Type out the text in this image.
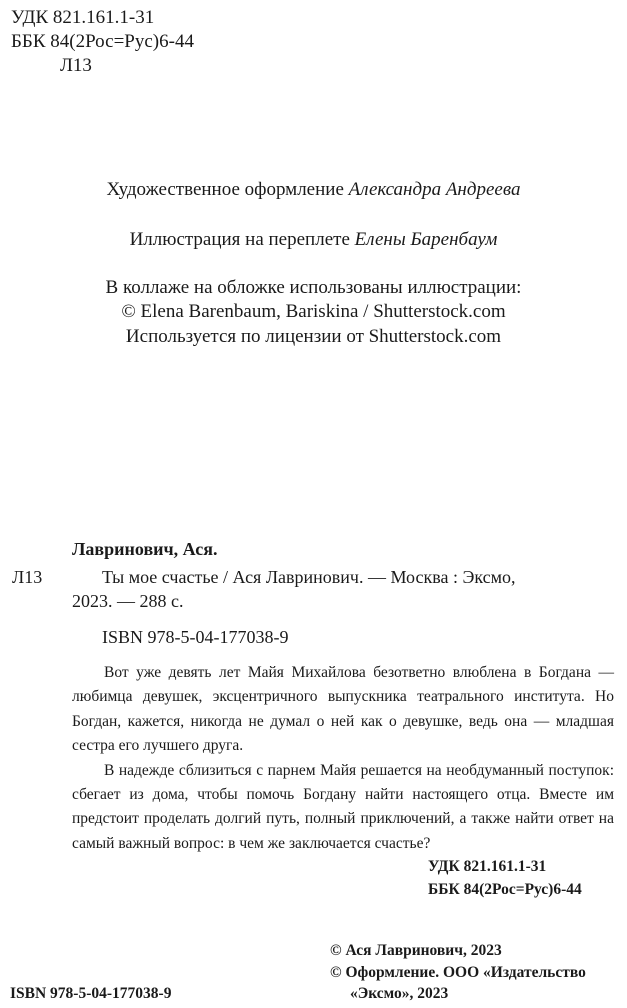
УДК 821.161.1-31
ББК 84(2Рос=Рус)6-44
Л13
Художественное оформление Александра Андреева
Иллюстрация на переплете Елены Баренбаум
В коллаже на обложке использованы иллюстрации:
© Elena Barenbaum, Bariskina / Shutterstock.com
Используется по лицензии от Shutterstock.com
Лавринович, Ася.
Л13	Ты мое счастье / Ася Лавринович. — Москва : Эксмо,
2023. — 288 с.
ISBN 978-5-04-177038-9

Вот уже девять лет Майя Михайлова безответно влюблена в Богдана — любимца девушек, эксцентричного выпускника театрального института. Но Богдан, кажется, никогда не думал о ней как о девушке, ведь она — младшая сестра его лучшего друга.

В надежде сблизиться с парнем Майя решается на необдуманный поступок: сбегает из дома, чтобы помочь Богдану найти настоящего отца. Вместе им предстоит проделать долгий путь, полный приключений, а также найти ответ на самый важный вопрос: в чем же заключается счастье?

УДК 821.161.1-31
ББК 84(2Рос=Рус)6-44
© Ася Лавринович, 2023
© Оформление. ООО «Издательство
«Эксмо», 2023
ISBN 978-5-04-177038-9
